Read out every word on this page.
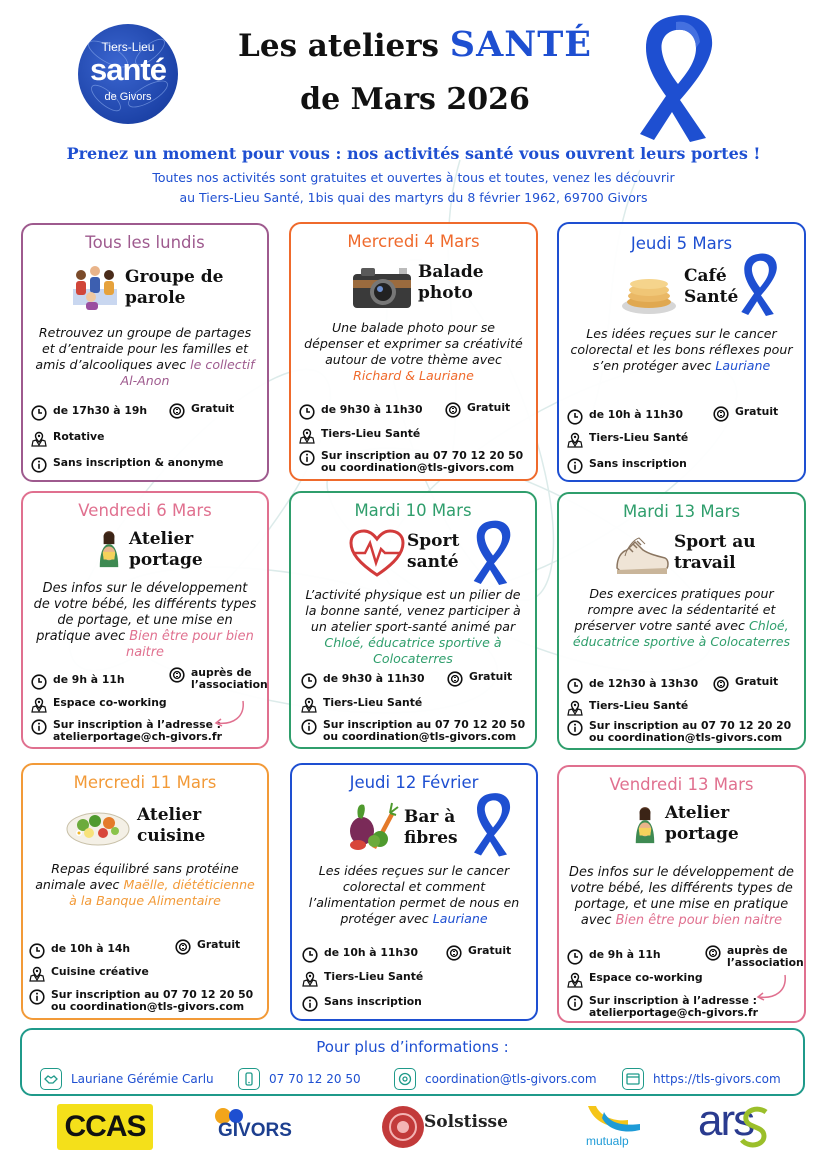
Tiers-Lieu
santé
de Givors
Les ateliers SANTÉ
de Mars 2026
Prenez un moment pour vous : nos activités santé vous ouvrent leurs portes !
Toutes nos activités sont gratuites et ouvertes à tous et toutes, venez les découvrir
au Tiers-Lieu Santé, 1bis quai des martyrs du 8 février 1962, 69700 Givors
Tous les lundis
Groupe de
parole
Retrouvez un groupe de partages et d’entraide pour les familles et amis d’alcooliques avec le collectif Al-Anon
de 17h30 à 19h	Gratuit
Rotative
Sans inscription & anonyme
Mercredi 4 Mars
Balade
photo
Une balade photo pour se dépenser et exprimer sa créativité autour de votre thème avec Richard & Lauriane
de 9h30 à 11h30	Gratuit
Tiers-Lieu Santé
Sur inscription au 07 70 12 20 50
ou coordination@tls-givors.com
Jeudi 5 Mars
Café
Santé
Les idées reçues sur le cancer colorectal et les bons réflexes pour s’en protéger avec Lauriane
de 10h à 11h30	Gratuit
Tiers-Lieu Santé
Sans inscription
Vendredi 6 Mars
Atelier
portage
Des infos sur le développement de votre bébé, les différents types de portage, et une mise en pratique avec Bien être pour bien naitre
de 9h à 11h
auprès de
l’association
Espace co-working
Sur inscription à l’adresse :
atelierportage@ch-givors.fr
Mardi 10 Mars
Sport
santé
L’activité physique est un pilier de la bonne santé, venez participer à un atelier sport-santé animé par Chloé, éducatrice sportive à Colocaterres
de 9h30 à 11h30	Gratuit
Tiers-Lieu Santé
Sur inscription au 07 70 12 20 50
ou coordination@tls-givors.com
Mardi 13 Mars
Sport au
travail
Des exercices pratiques pour rompre avec la sédentarité et préserver votre santé avec Chloé, éducatrice sportive à Colocaterres
de 12h30 à 13h30	Gratuit
Tiers-Lieu Santé
Sur inscription au 07 70 12 20 20
ou coordination@tls-givors.com
Mercredi 11 Mars
Atelier
cuisine
Repas équilibré sans protéine animale avec Maëlle, diététicienne à la Banque Alimentaire
de 10h à 14h	Gratuit
Cuisine créative
Sur inscription au 07 70 12 20 50
ou coordination@tls-givors.com
Jeudi 12 Février
Bar à
fibres
Les idées reçues sur le cancer colorectal et comment l’alimentation permet de nous en protéger avec Lauriane
de 10h à 11h30	Gratuit
Tiers-Lieu Santé
Sans inscription
Vendredi 13 Mars
Atelier
portage
Des infos sur le développement de votre bébé, les différents types de portage, et une mise en pratique avec Bien être pour bien naitre
de 9h à 11h	auprès de
l’association
Espace co-working
Sur inscription à l’adresse :
atelierportage@ch-givors.fr
Pour plus d’informations :
Lauriane Gérémie Carlu	07 70 12 20 50	coordination@tls-givors.com	https://tls-givors.com
CCAS	GIVORS	Solstisse
mutualp ars
